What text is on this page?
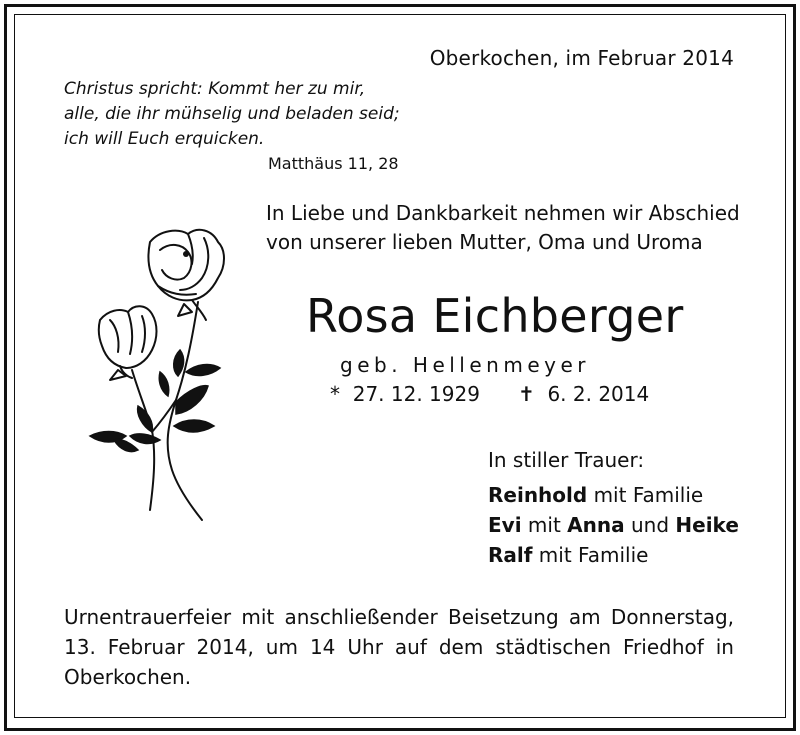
Oberkochen, im Februar 2014
Christus spricht: Kommt her zu mir,
alle, die ihr mühselig und beladen seid;
ich will Euch erquicken.
Matthäus 11, 28
In Liebe und Dankbarkeit nehmen wir Abschied
von unserer lieben Mutter, Oma und Uroma
Rosa Eichberger
geb. Hellenmeyer
* 27. 12. 1929 ✝ 6. 2. 2014
In stiller Trauer:
Reinhold mit Familie
Evi mit Anna und Heike
Ralf mit Familie
Urnentrauerfeier mit anschließender Beisetzung am Donnerstag,
13. Februar 2014, um 14 Uhr auf dem städtischen Friedhof in
Oberkochen.
